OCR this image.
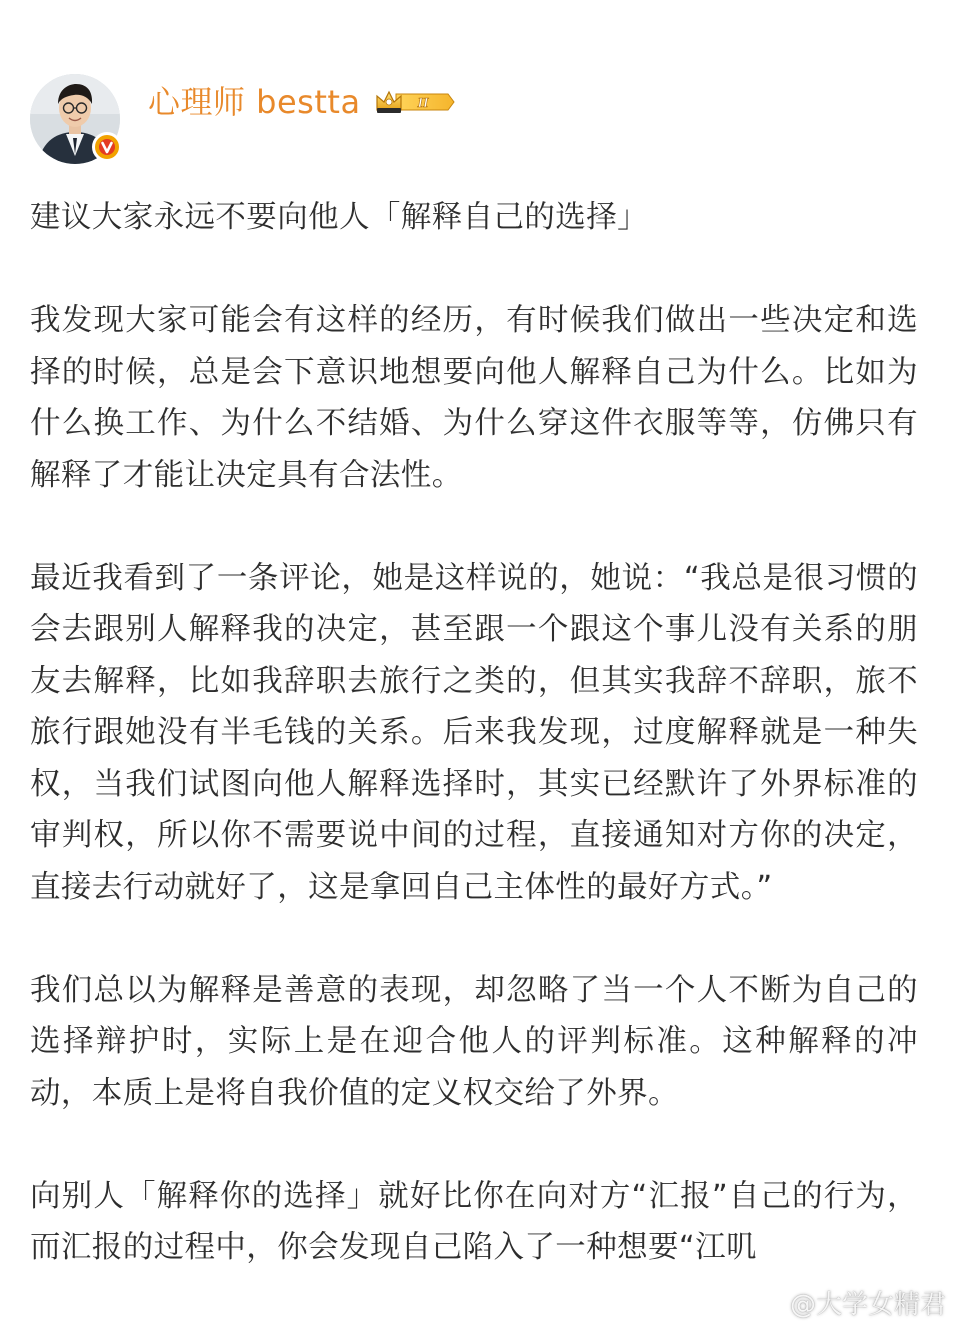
心理师 bestta	II

建议大家永远不要向他人「解释自己的选择」

我发现大家可能会有这样的经历，有时候我们做出一些决定和选择的时候，总是会下意识地想要向他人解释自己为什么。比如为什么换工作、为什么不结婚、为什么穿这件衣服等等，仿佛只有解释了才能让决定具有合法性。

最近我看到了一条评论，她是这样说的，她说：“我总是很习惯的会去跟别人解释我的决定，甚至跟一个跟这个事儿没有关系的朋友去解释，比如我辞职去旅行之类的，但其实我辞不辞职，旅不旅行跟她没有半毛钱的关系。后来我发现，过度解释就是一种失权，当我们试图向他人解释选择时，其实已经默许了外界标准的审判权，所以你不需要说中间的过程，直接通知对方你的决定，直接去行动就好了，这是拿回自己主体性的最好方式。”

我们总以为解释是善意的表现，却忽略了当一个人不断为自己的选择辩护时，实际上是在迎合他人的评判标准。这种解释的冲动，本质上是将自我价值的定义权交给了外界。

向别人「解释你的选择」就好比你在向对方“汇报”自己的行为，而汇报的过程中，你会发现自己陷入了一种想要“江叽

@大学女精君
